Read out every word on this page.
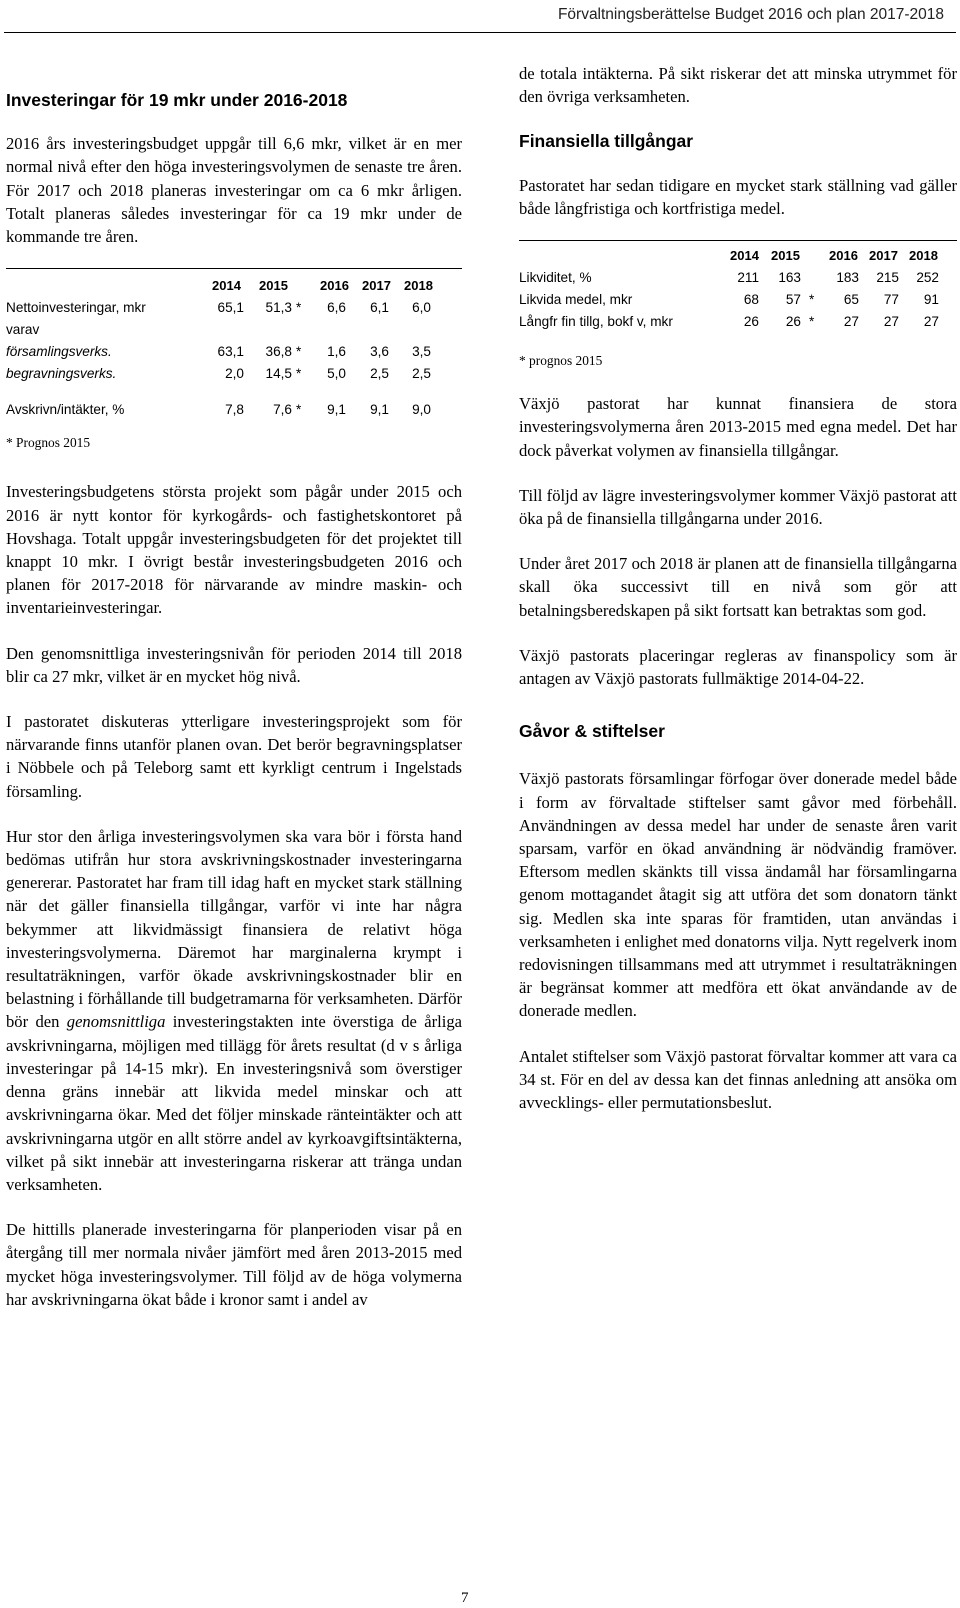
Förvaltningsberättelse Budget 2016 och plan 2017-2018
Investeringar för 19 mkr under 2016-2018

2016 års investeringsbudget uppgår till 6,6 mkr, vilket är en mer normal nivå efter den höga investeringsvolymen de senaste tre åren. För 2017 och 2018 planeras investeringar om ca 6 mkr årligen. Totalt planeras således investeringar för ca 19 mkr under de kommande tre åren.

2014 2015 2016 2017 2018
Nettoinvesteringar, mkr	65,1	51,3 *	6,6	6,1	6,0
varav
församlingsverks.	63,1	36,8 *	1,6	3,6	3,5
begravningsverks.	2,0	14,5 *	5,0	2,5	2,5
Avskrivn/intäkter, %	7,8	7,6 *	9,1	9,1	9,0
* Prognos 2015

Investeringsbudgetens största projekt som pågår under 2015 och 2016 är nytt kontor för kyrkogårds- och fastighetskontoret på Hovshaga. Totalt uppgår investeringsbudgeten för det projektet till knappt 10 mkr. I övrigt består investeringsbudgeten 2016 och planen för 2017-2018 för närvarande av mindre maskin- och inventarieinvesteringar.

Den genomsnittliga investeringsnivån för perioden 2014 till 2018 blir ca 27 mkr, vilket är en mycket hög nivå.

I pastoratet diskuteras ytterligare investeringsprojekt som för närvarande finns utanför planen ovan. Det berör begravningsplatser i Nöbbele och på Teleborg samt ett kyrkligt centrum i Ingelstads församling.

Hur stor den årliga investeringsvolymen ska vara bör i första hand bedömas utifrån hur stora avskrivningskostnader investeringarna genererar. Pastoratet har fram till idag haft en mycket stark ställning när det gäller finansiella tillgångar, varför vi inte har några bekymmer att likvidmässigt finansiera de relativt höga investeringsvolymerna. Däremot har marginalerna krympt i resultaträkningen, varför ökade avskrivningskostnader blir en belastning i förhållande till budgetramarna för verksamheten. Därför bör den genomsnittliga investeringstakten inte överstiga de årliga avskrivningarna, möjligen med tillägg för årets resultat (d v s årliga investeringar på 14-15 mkr). En investeringsnivå som överstiger denna gräns innebär att likvida medel minskar och att avskrivningarna ökar. Med det följer minskade ränteintäkter och att avskrivningarna utgör en allt större andel av kyrkoavgiftsintäkterna, vilket på sikt innebär att investeringarna riskerar att tränga undan verksamheten.

De hittills planerade investeringarna för planperioden visar på en återgång till mer normala nivåer jämfört med åren 2013-2015 med mycket höga investeringsvolymer. Till följd av de höga volymerna har avskrivningarna ökat både i kronor samt i andel av

de totala intäkterna. På sikt riskerar det att minska utrymmet för den övriga verksamheten.

Finansiella tillgångar

Pastoratet har sedan tidigare en mycket stark ställning vad gäller både långfristiga och kortfristiga medel.

2014 2015 2016 2017 2018
Likviditet, %	211	163	183	215	252
Likvida medel, mkr	68	57 *	65	77	91
Långfr fin tillg, bokf v, mkr	26	26 *	27	27	27
* prognos 2015

Växjö pastorat har kunnat finansiera de stora investeringsvolymerna åren 2013-2015 med egna medel. Det har dock påverkat volymen av finansiella tillgångar.

Till följd av lägre investeringsvolymer kommer Växjö pastorat att öka på de finansiella tillgångarna under 2016.

Under året 2017 och 2018 är planen att de finansiella tillgångarna skall öka successivt till en nivå som gör att betalningsberedskapen på sikt fortsatt kan betraktas som god.

Växjö pastorats placeringar regleras av finanspolicy som är antagen av Växjö pastorats fullmäktige 2014-04-22.

Gåvor & stiftelser

Växjö pastorats församlingar förfogar över donerade medel både i form av förvaltade stiftelser samt gåvor med förbehåll. Användningen av dessa medel har under de senaste åren varit sparsam, varför en ökad användning är nödvändig framöver. Eftersom medlen skänkts till vissa ändamål har församlingarna genom mottagandet åtagit sig att utföra det som donatorn tänkt sig. Medlen ska inte sparas för framtiden, utan användas i verksamheten i enlighet med donatorns vilja. Nytt regelverk inom redovisningen tillsammans med att utrymmet i resultaträkningen är begränsat kommer att medföra ett ökat användande av de donerade medlen.

Antalet stiftelser som Växjö pastorat förvaltar kommer att vara ca 34 st. För en del av dessa kan det finnas anledning att ansöka om avvecklings- eller permutationsbeslut.

7
